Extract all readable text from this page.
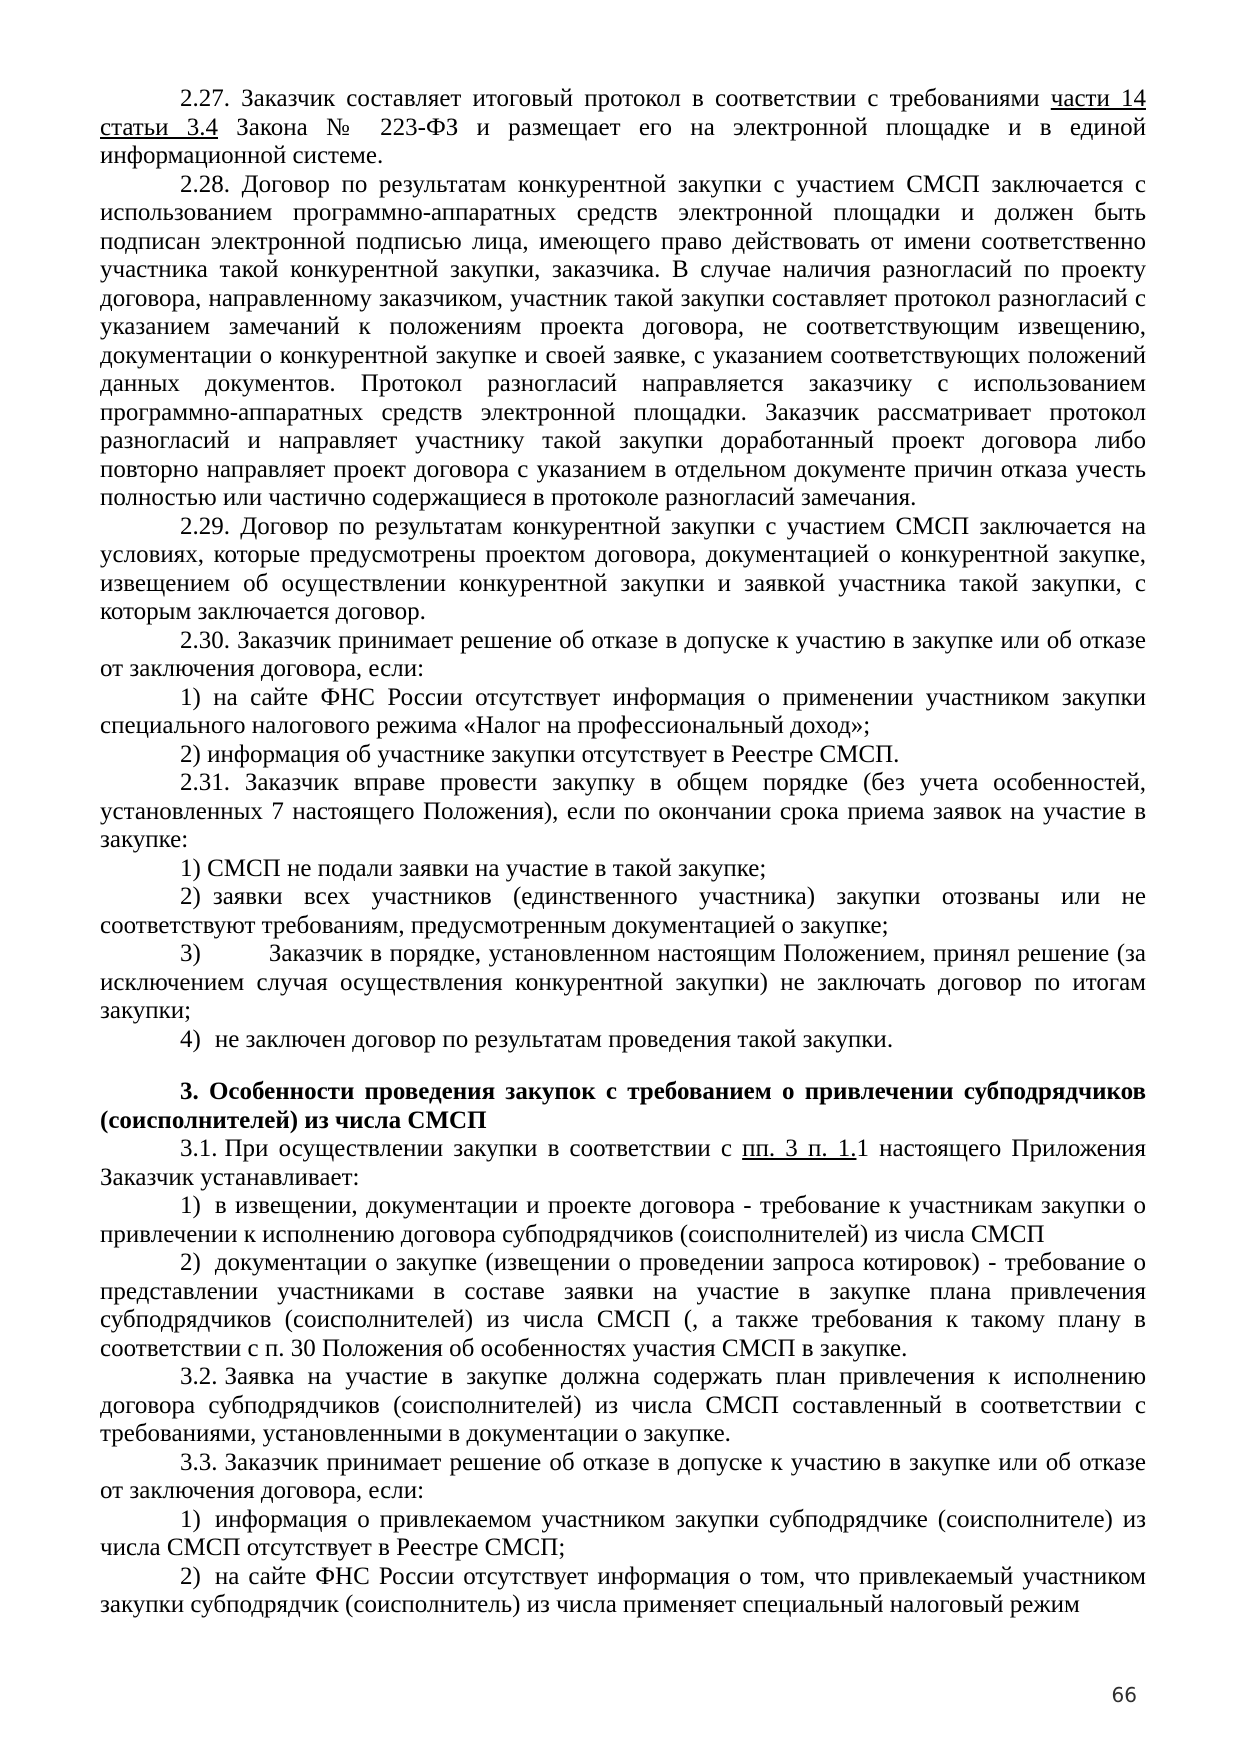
2.27. Заказчик составляет итоговый протокол в соответствии с требованиями части 14 статьи 3.4 Закона № 223-ФЗ и размещает его на электронной площадке и в единой информационной системе.

2.28. Договор по результатам конкурентной закупки с участием СМСП заключается с использованием программно-аппаратных средств электронной площадки и должен быть подписан электронной подписью лица, имеющего право действовать от имени соответственно участника такой конкурентной закупки, заказчика. В случае наличия разногласий по проекту договора, направленному заказчиком, участник такой закупки составляет протокол разногласий с указанием замечаний к положениям проекта договора, не соответствующим извещению, документации о конкурентной закупке и своей заявке, с указанием соответствующих положений данных документов. Протокол разногласий направляется заказчику с использованием программно-аппаратных средств электронной площадки. Заказчик рассматривает протокол разногласий и направляет участнику такой закупки доработанный проект договора либо повторно направляет проект договора с указанием в отдельном документе причин отказа учесть полностью или частично содержащиеся в протоколе разногласий замечания.

2.29. Договор по результатам конкурентной закупки с участием СМСП заключается на условиях, которые предусмотрены проектом договора, документацией о конкурентной закупке, извещением об осуществлении конкурентной закупки и заявкой участника такой закупки, с которым заключается договор.

2.30. Заказчик принимает решение об отказе в допуске к участию в закупке или об отказе от заключения договора, если:

1) на сайте ФНС России отсутствует информация о применении участником закупки специального налогового режима «Налог на профессиональный доход»;

2) информация об участнике закупки отсутствует в Реестре СМСП.

2.31. Заказчик вправе провести закупку в общем порядке (без учета особенностей, установленных 7 настоящего Положения), если по окончании срока приема заявок на участие в закупке:

1) СМСП не подали заявки на участие в такой закупке;

2) заявки всех участников (единственного участника) закупки отозваны или не соответствуют требованиям, предусмотренным документацией о закупке;

3)	Заказчик в порядке, установленном настоящим Положением, принял решение (за исключением случая осуществления конкурентной закупки) не заключать договор по итогам закупки;

4) не заключен договор по результатам проведения такой закупки.

3. Особенности проведения закупок с требованием о привлечении субподрядчиков (соисполнителей) из числа СМСП

3.1. При осуществлении закупки в соответствии с пп. 3 п. 1.1 настоящего Приложения Заказчик устанавливает:

1) в извещении, документации и проекте договора - требование к участникам закупки о привлечении к исполнению договора субподрядчиков (соисполнителей) из числа СМСП

2) документации о закупке (извещении о проведении запроса котировок) - требование о представлении участниками в составе заявки на участие в закупке плана привлечения субподрядчиков (соисполнителей) из числа СМСП (, а также требования к такому плану в соответствии с п. 30 Положения об особенностях участия СМСП в закупке.

3.2. Заявка на участие в закупке должна содержать план привлечения к исполнению договора субподрядчиков (соисполнителей) из числа СМСП составленный в соответствии с требованиями, установленными в документации о закупке.

3.3. Заказчик принимает решение об отказе в допуске к участию в закупке или об отказе от заключения договора, если:

1) информация о привлекаемом участником закупки субподрядчике (соисполнителе) из числа СМСП отсутствует в Реестре СМСП;

2) на сайте ФНС России отсутствует информация о том, что привлекаемый участником закупки субподрядчик (соисполнитель) из числа применяет специальный налоговый режим

66
